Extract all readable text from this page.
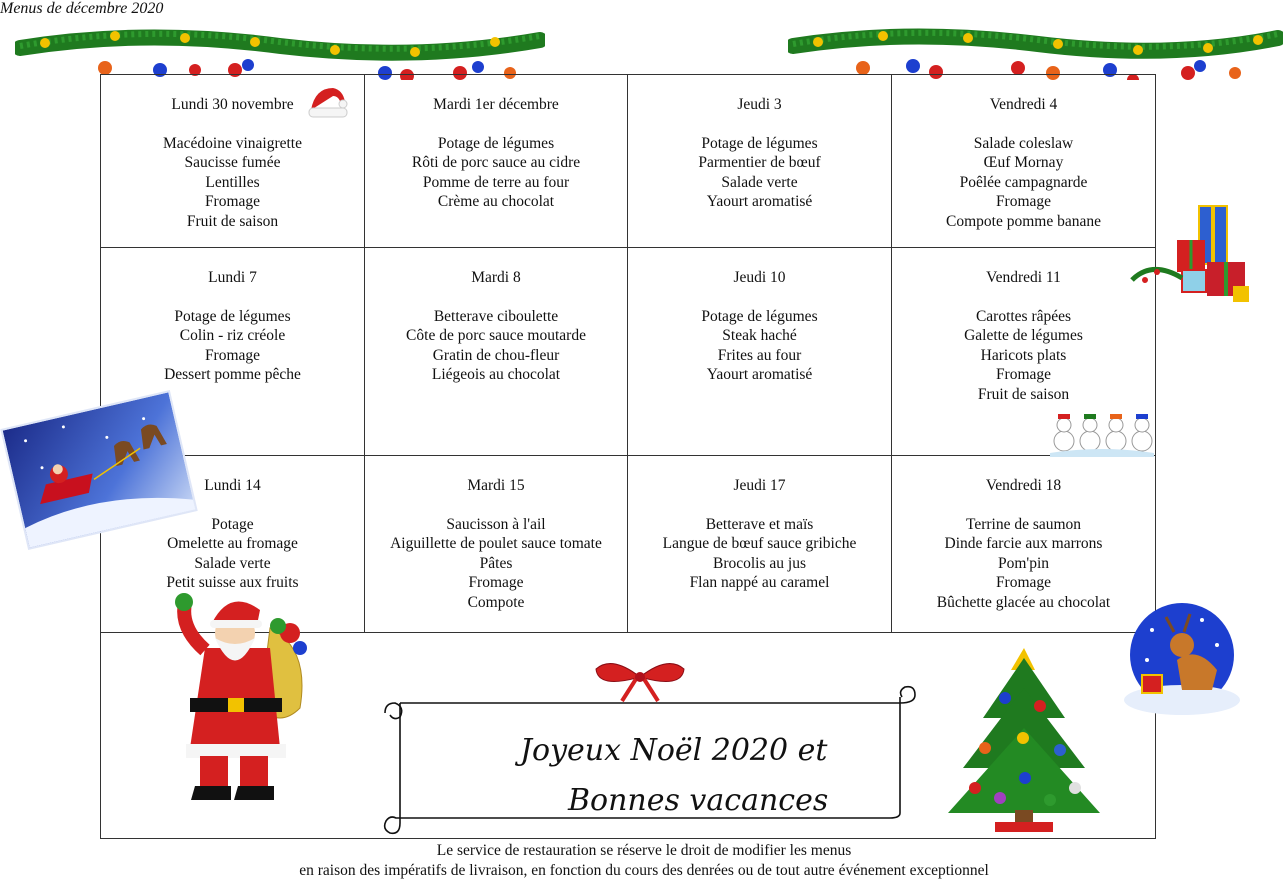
Menus de décembre 2020
Lundi 30 novembre
Macédoine vinaigrette
Saucisse fumée
Lentilles
Fromage
Fruit de saison
Mardi 1er décembre
Potage de légumes
Rôti de porc sauce au cidre
Pomme de terre au four
Crème au chocolat
Jeudi 3
Potage de légumes
Parmentier de bœuf
Salade verte
Yaourt aromatisé
Vendredi 4
Salade coleslaw
Œuf Mornay
Poêlée campagnarde
Fromage
Compote pomme banane
Lundi 7
Potage de légumes
Colin - riz créole
Fromage
Dessert pomme pêche
Mardi 8
Betterave ciboulette
Côte de porc sauce moutarde
Gratin de chou-fleur
Liégeois au chocolat
Jeudi 10
Potage de légumes
Steak haché
Frites au four
Yaourt aromatisé
Vendredi 11
Carottes râpées
Galette de légumes
Haricots plats
Fromage
Fruit de saison
Lundi 14
Potage
Omelette au fromage
Salade verte
Petit suisse aux fruits
Mardi 15
Saucisson à l'ail
Aiguillette de poulet sauce tomate
Pâtes
Fromage
Compote
Jeudi 17
Betterave et maïs
Langue de bœuf sauce gribiche
Brocolis au jus
Flan nappé au caramel
Vendredi 18
Terrine de saumon
Dinde farcie aux marrons
Pom'pin
Fromage
Bûchette glacée au chocolat
Joyeux Noël 2020 et
Bonnes vacances
Le service de restauration se réserve le droit de modifier les menus
en raison des impératifs de livraison, en fonction du cours des denrées ou de tout autre événement exceptionnel
